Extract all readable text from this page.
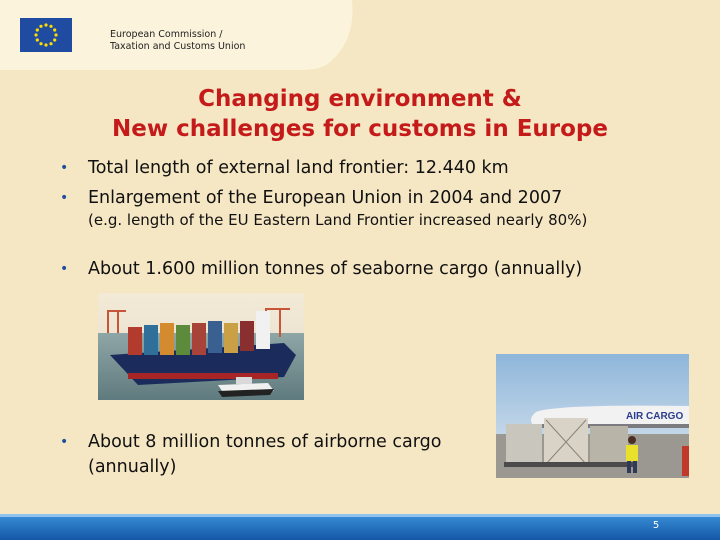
European Commission /
Taxation and Customs Union
Changing environment &
New challenges for customs in Europe
•	Total length of external land frontier: 12.440 km
•	Enlargement of the European Union in 2004 and 2007
(e.g. length of the EU Eastern Land Frontier increased nearly 80%)
•	About 1.600 million tonnes of seaborne cargo (annually)
•	About 8 million tonnes of airborne cargo
(annually)
AIR CARGO
5
